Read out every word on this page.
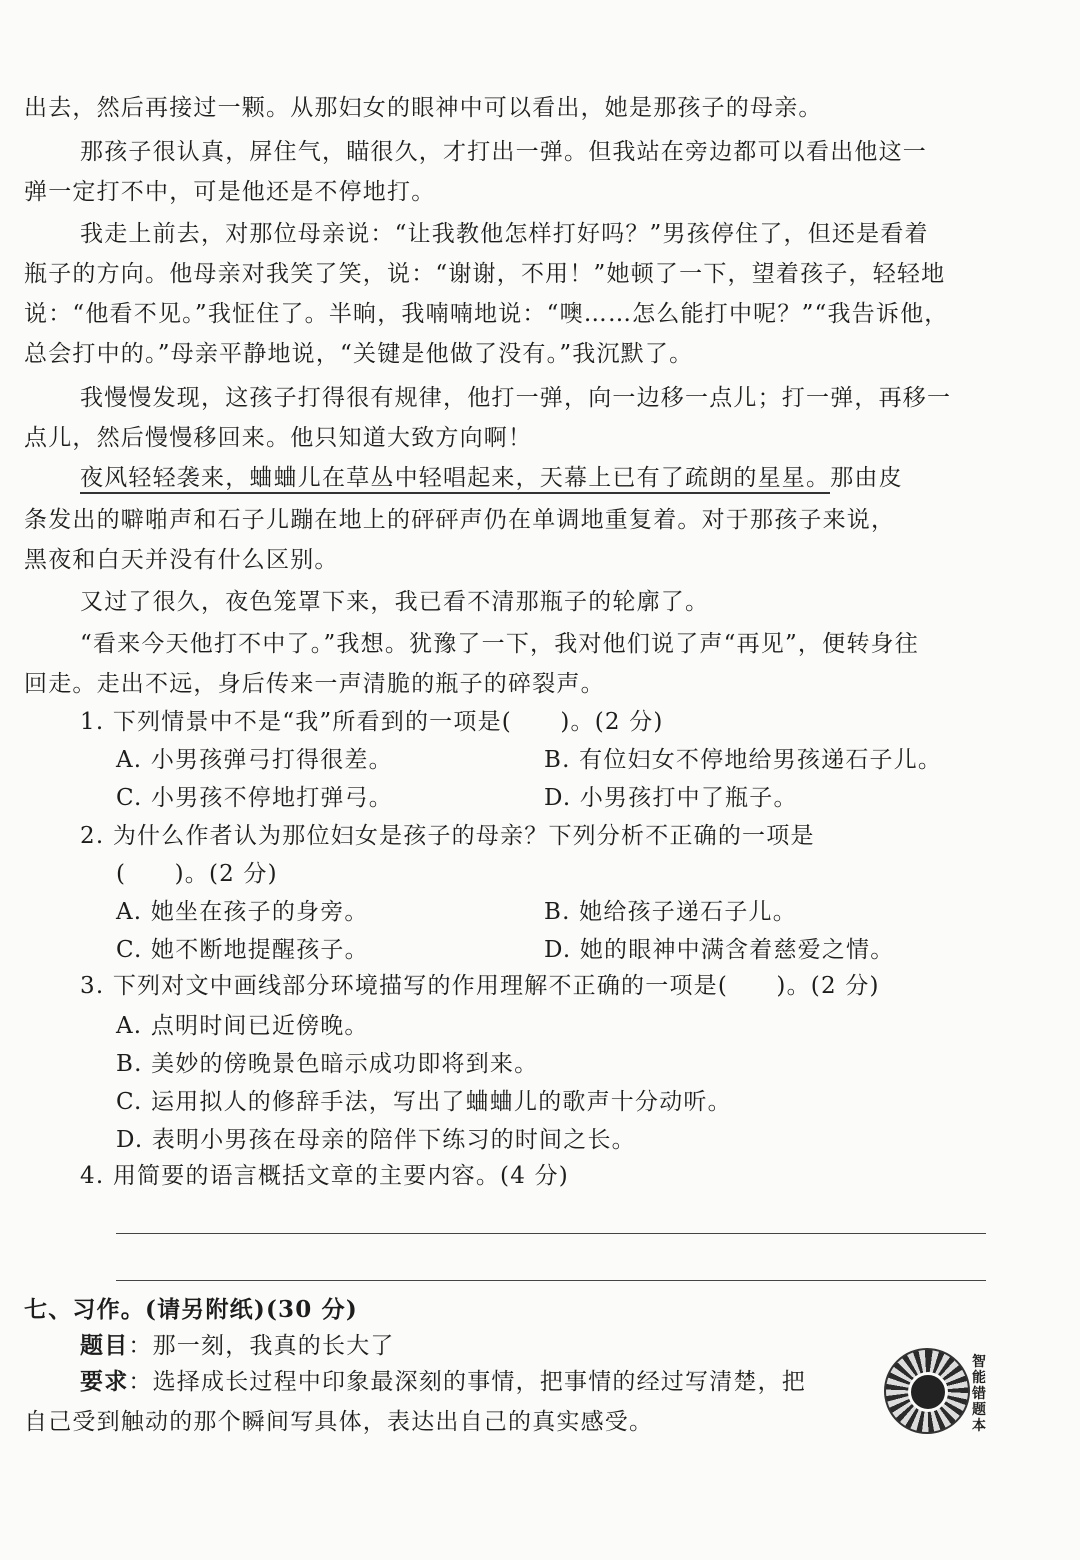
出去，然后再接过一颗。从那妇女的眼神中可以看出，她是那孩子的母亲。
那孩子很认真，屏住气，瞄很久，才打出一弹。但我站在旁边都可以看出他这一
弹一定打不中，可是他还是不停地打。
我走上前去，对那位母亲说：“让我教他怎样打好吗？”男孩停住了，但还是看着
瓶子的方向。他母亲对我笑了笑，说：“谢谢，不用！”她顿了一下，望着孩子，轻轻地
说：“他看不见。”我怔住了。半晌，我喃喃地说：“噢……怎么能打中呢？”“我告诉他，
总会打中的。”母亲平静地说，“关键是他做了没有。”我沉默了。
我慢慢发现，这孩子打得很有规律，他打一弹，向一边移一点儿；打一弹，再移一
点儿，然后慢慢移回来。他只知道大致方向啊！
夜风轻轻袭来，蛐蛐儿在草丛中轻唱起来，天幕上已有了疏朗的星星。那由皮
条发出的噼啪声和石子儿蹦在地上的砰砰声仍在单调地重复着。对于那孩子来说，
黑夜和白天并没有什么区别。
又过了很久，夜色笼罩下来，我已看不清那瓶子的轮廓了。
“看来今天他打不中了。”我想。犹豫了一下，我对他们说了声“再见”，便转身往
回走。走出不远，身后传来一声清脆的瓶子的碎裂声。
1. 下列情景中不是“我”所看到的一项是(　　)。(2 分)
A. 小男孩弹弓打得很差。	B. 有位妇女不停地给男孩递石子儿。
C. 小男孩不停地打弹弓。	D. 小男孩打中了瓶子。
2. 为什么作者认为那位妇女是孩子的母亲？下列分析不正确的一项是
(　　)。(2 分)
A. 她坐在孩子的身旁。	B. 她给孩子递石子儿。
C. 她不断地提醒孩子。	D. 她的眼神中满含着慈爱之情。
3. 下列对文中画线部分环境描写的作用理解不正确的一项是(　　)。(2 分)
A. 点明时间已近傍晚。
B. 美妙的傍晚景色暗示成功即将到来。
C. 运用拟人的修辞手法，写出了蛐蛐儿的歌声十分动听。
D. 表明小男孩在母亲的陪伴下练习的时间之长。
4. 用简要的语言概括文章的主要内容。(4 分)
七、习作。(请另附纸)(30 分)
题目：那一刻，我真的长大了
要求：选择成长过程中印象最深刻的事情，把事情的经过写清楚，把
自己受到触动的那个瞬间写具体，表达出自己的真实感受。
智能错题本
